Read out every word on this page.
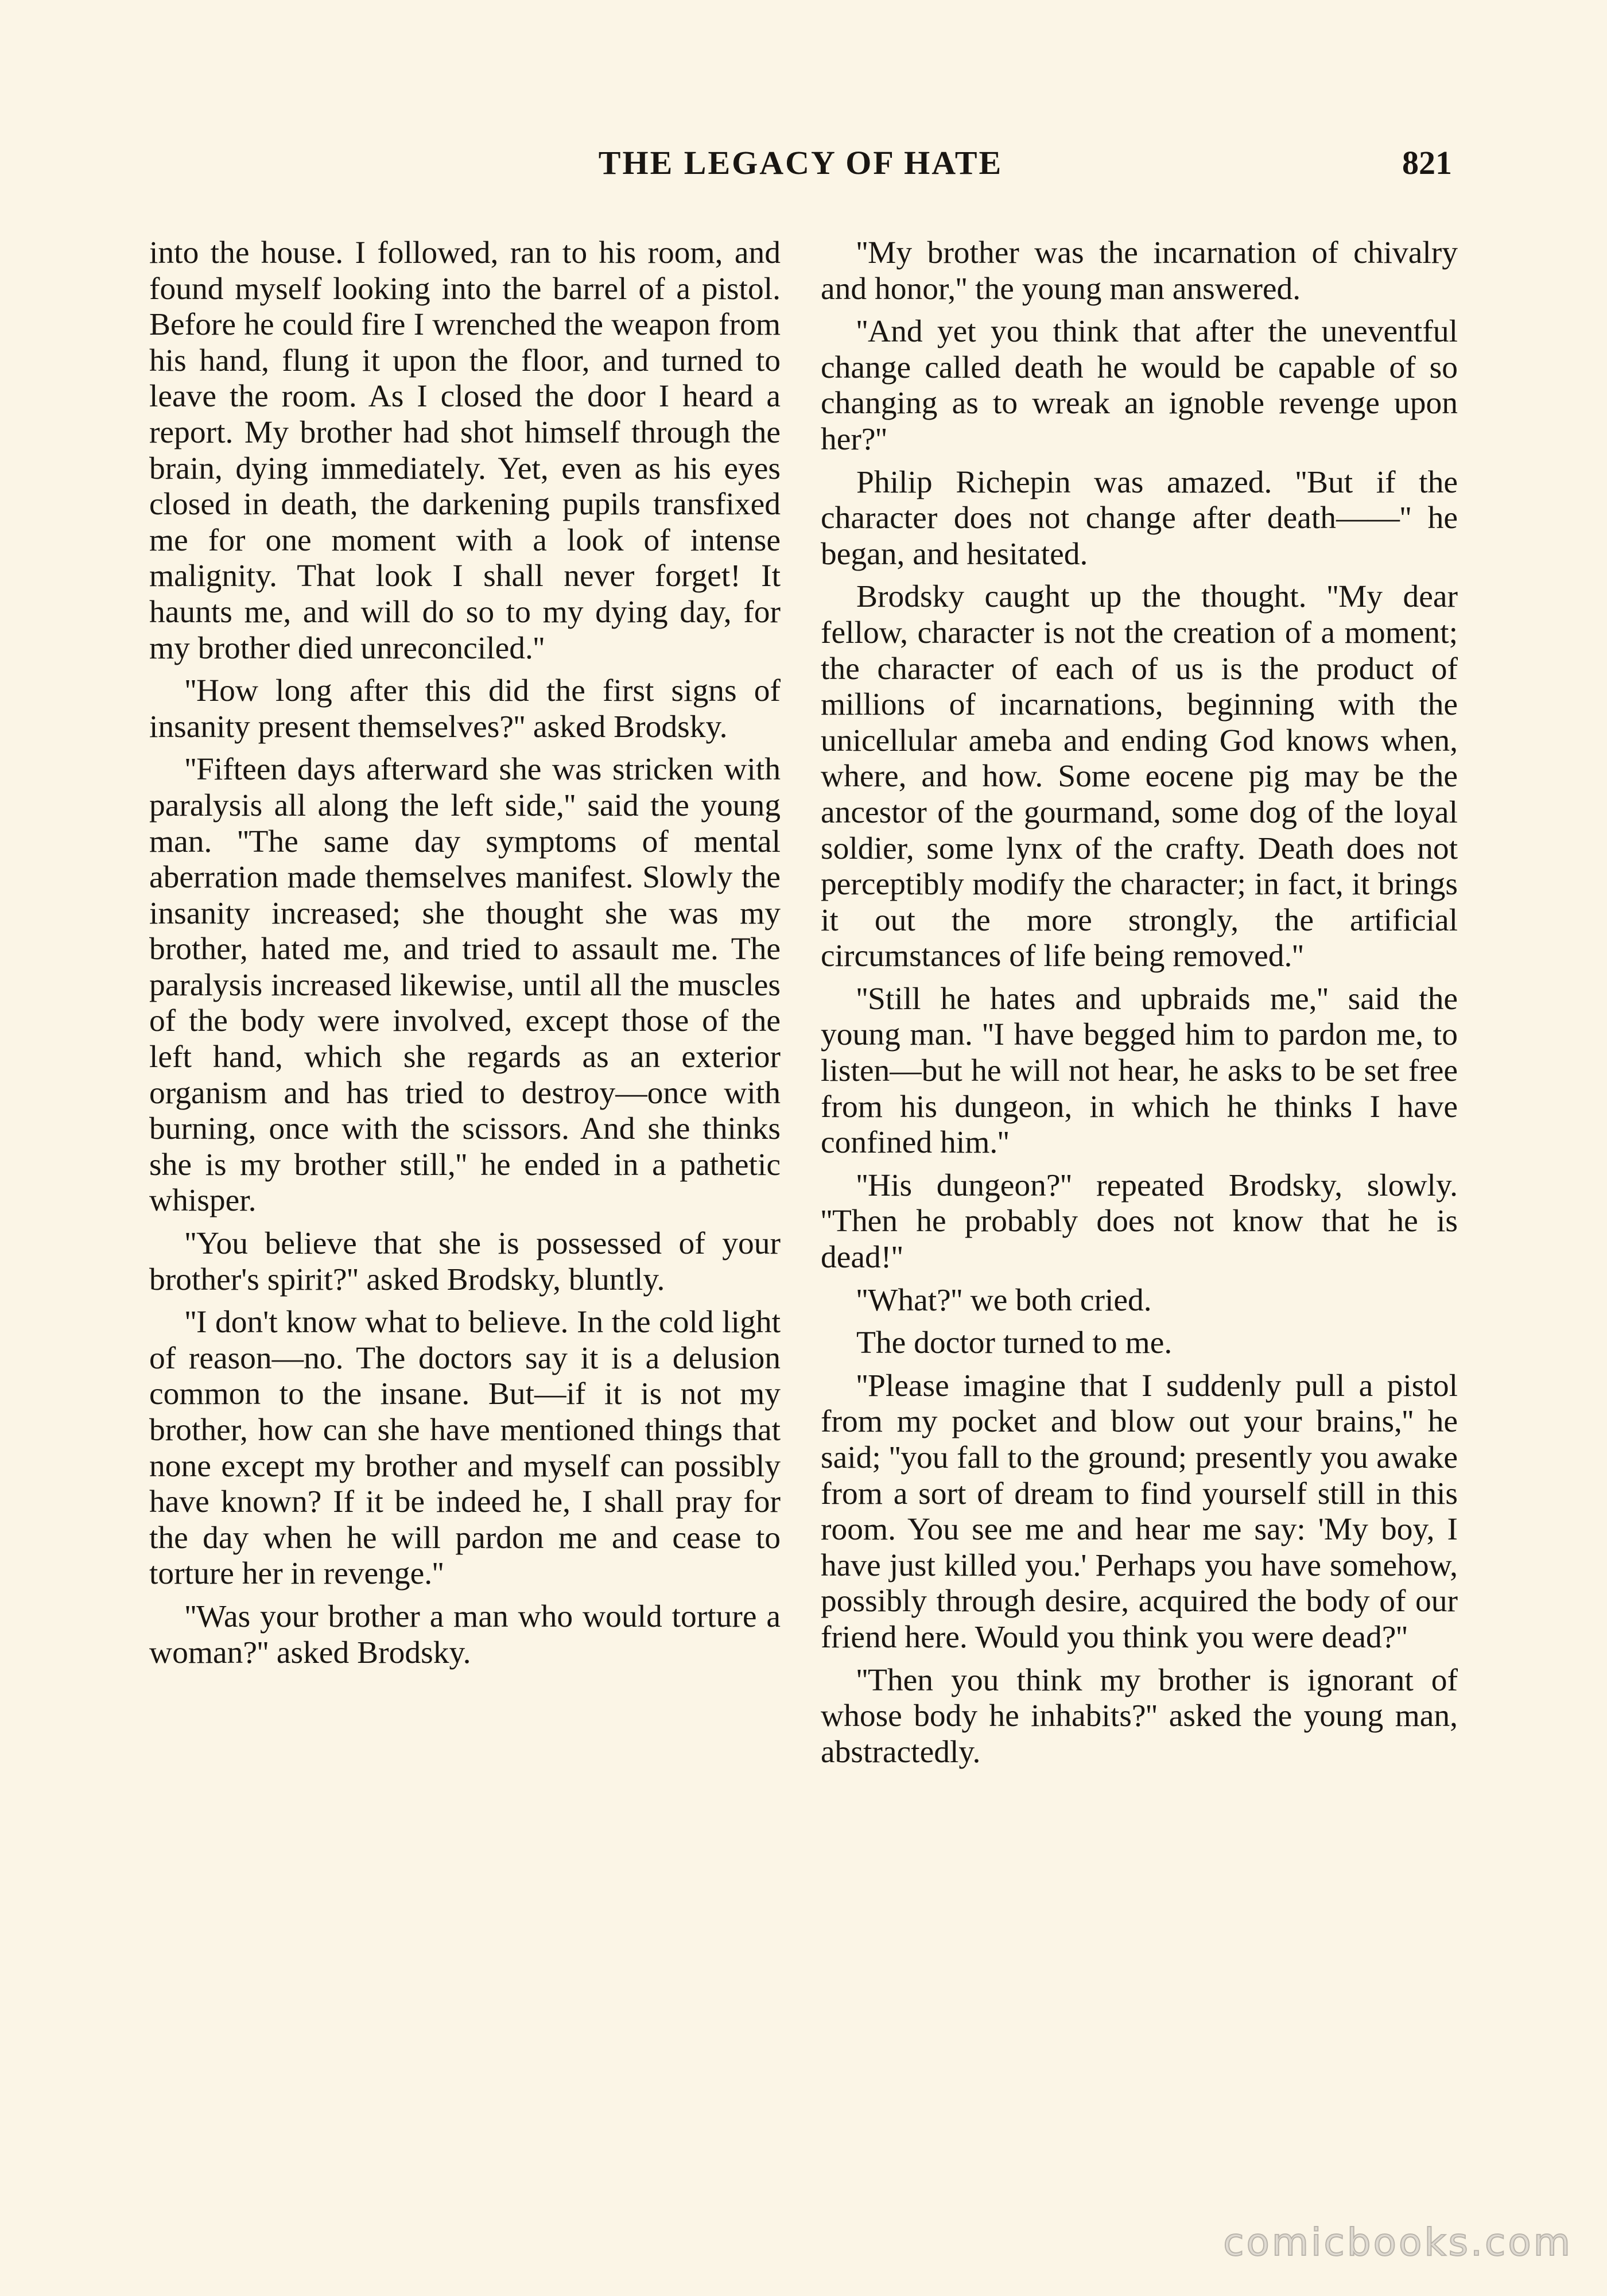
THE LEGACY OF HATE	821

into the house. I followed, ran to his room, and found myself looking into the barrel of a pistol. Before he could fire I wrenched the weapon from his hand, flung it upon the floor, and turned to leave the room. As I closed the door I heard a report. My brother had shot himself through the brain, dying immediately. Yet, even as his eyes closed in death, the darkening pupils transfixed me for one moment with a look of intense malignity. That look I shall never forget! It haunts me, and will do so to my dying day, for my brother died unreconciled.''

''How long after this did the first signs of insanity present themselves?'' asked Brodsky.

''Fifteen days afterward she was stricken with paralysis all along the left side,'' said the young man. ''The same day symptoms of mental aberration made themselves manifest. Slowly the insanity increased; she thought she was my brother, hated me, and tried to assault me. The paralysis increased likewise, until all the muscles of the body were involved, except those of the left hand, which she regards as an exterior organism and has tried to destroy—once with burning, once with the scissors. And she thinks she is my brother still,'' he ended in a pathetic whisper.

''You believe that she is possessed of your brother's spirit?'' asked Brodsky, bluntly.

''I don't know what to believe. In the cold light of reason—no. The doctors say it is a delusion common to the insane. But—if it is not my brother, how can she have mentioned things that none except my brother and myself can possibly have known? If it be indeed he, I shall pray for the day when he will pardon me and cease to torture her in revenge.''

''Was your brother a man who would torture a woman?'' asked Brodsky.

''My brother was the incarnation of chivalry and honor,'' the young man answered.

''And yet you think that after the uneventful change called death he would be capable of so changing as to wreak an ignoble revenge upon her?''

Philip Richepin was amazed. ''But if the character does not change after death——'' he began, and hesitated.

Brodsky caught up the thought. ''My dear fellow, character is not the creation of a moment; the character of each of us is the product of millions of incarnations, beginning with the unicellular ameba and ending God knows when, where, and how. Some eocene pig may be the ancestor of the gourmand, some dog of the loyal soldier, some lynx of the crafty. Death does not perceptibly modify the character; in fact, it brings it out the more strongly, the artificial circumstances of life being removed.''

''Still he hates and upbraids me,'' said the young man. ''I have begged him to pardon me, to listen—but he will not hear, he asks to be set free from his dungeon, in which he thinks I have confined him.''

''His dungeon?'' repeated Brodsky, slowly. ''Then he probably does not know that he is dead!''

''What?'' we both cried.

The doctor turned to me.

''Please imagine that I suddenly pull a pistol from my pocket and blow out your brains,'' he said; ''you fall to the ground; presently you awake from a sort of dream to find yourself still in this room. You see me and hear me say: 'My boy, I have just killed you.' Perhaps you have somehow, possibly through desire, acquired the body of our friend here. Would you think you were dead?''

''Then you think my brother is ignorant of whose body he inhabits?'' asked the young man, abstractedly.

comicbooks.com
